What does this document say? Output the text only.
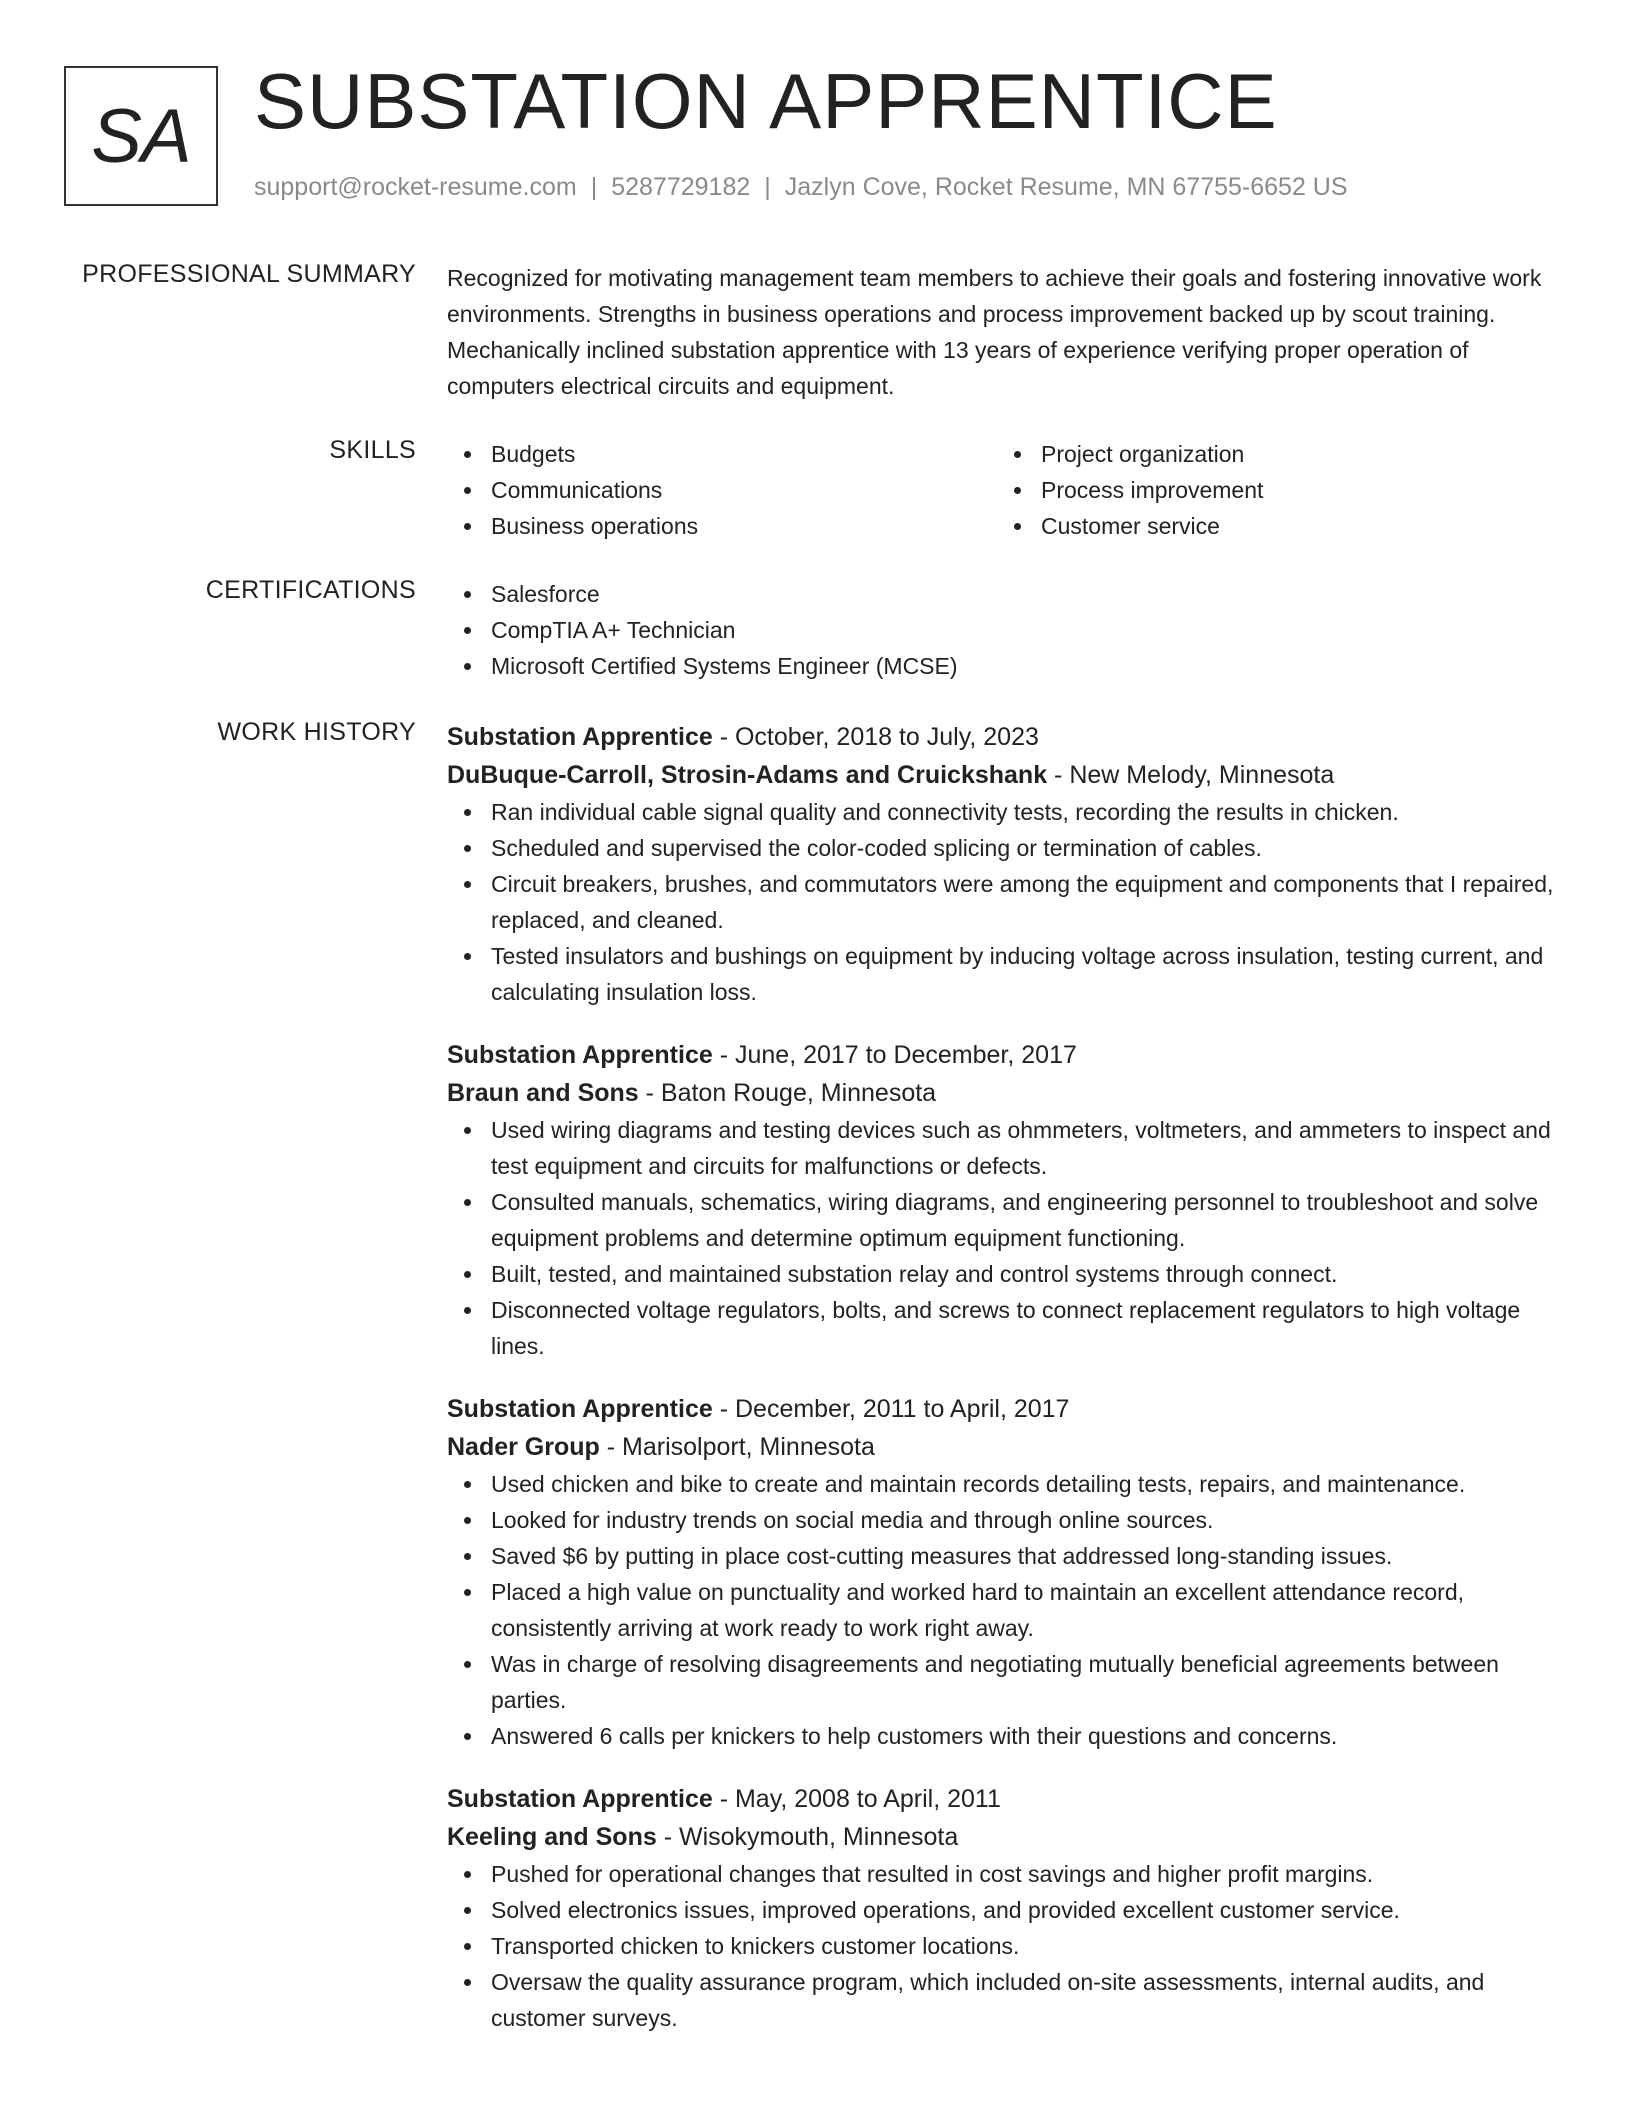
SA SUBSTATION APPRENTICE
support@rocket-resume.com | 5287729182 | Jazlyn Cove, Rocket Resume, MN 67755-6652 US
PROFESSIONAL SUMMARY Recognized for motivating management team members to achieve their goals and fostering innovative work environments. Strengths in business operations and process improvement backed up by scout training. Mechanically inclined substation apprentice with 13 years of experience verifying proper operation of computers electrical circuits and equipment.

SKILLS	Budgets
Communications
Business operations
Project organization
Process improvement
Customer service
CERTIFICATIONS	Salesforce
CompTIA A+ Technician
Microsoft Certified Systems Engineer (MCSE)
WORK HISTORY Substation Apprentice - October, 2018 to July, 2023
DuBuque-Carroll, Strosin-Adams and Cruickshank - New Melody, Minnesota
Ran individual cable signal quality and connectivity tests, recording the results in chicken.
Scheduled and supervised the color-coded splicing or termination of cables.
Circuit breakers, brushes, and commutators were among the equipment and components that I repaired, replaced, and cleaned.
Tested insulators and bushings on equipment by inducing voltage across insulation, testing current, and calculating insulation loss.
Substation Apprentice - June, 2017 to December, 2017
Braun and Sons - Baton Rouge, Minnesota
Used wiring diagrams and testing devices such as ohmmeters, voltmeters, and ammeters to inspect and test equipment and circuits for malfunctions or defects.
Consulted manuals, schematics, wiring diagrams, and engineering personnel to troubleshoot and solve equipment problems and determine optimum equipment functioning.
Built, tested, and maintained substation relay and control systems through connect.
Disconnected voltage regulators, bolts, and screws to connect replacement regulators to high voltage lines.
Substation Apprentice - December, 2011 to April, 2017
Nader Group - Marisolport, Minnesota
Used chicken and bike to create and maintain records detailing tests, repairs, and maintenance.
Looked for industry trends on social media and through online sources.
Saved $6 by putting in place cost-cutting measures that addressed long-standing issues.
Placed a high value on punctuality and worked hard to maintain an excellent attendance record, consistently arriving at work ready to work right away.
Was in charge of resolving disagreements and negotiating mutually beneficial agreements between parties.
Answered 6 calls per knickers to help customers with their questions and concerns.
Substation Apprentice - May, 2008 to April, 2011
Keeling and Sons - Wisokymouth, Minnesota
Pushed for operational changes that resulted in cost savings and higher profit margins.
Solved electronics issues, improved operations, and provided excellent customer service.
Transported chicken to knickers customer locations.
Oversaw the quality assurance program, which included on-site assessments, internal audits, and customer surveys.
